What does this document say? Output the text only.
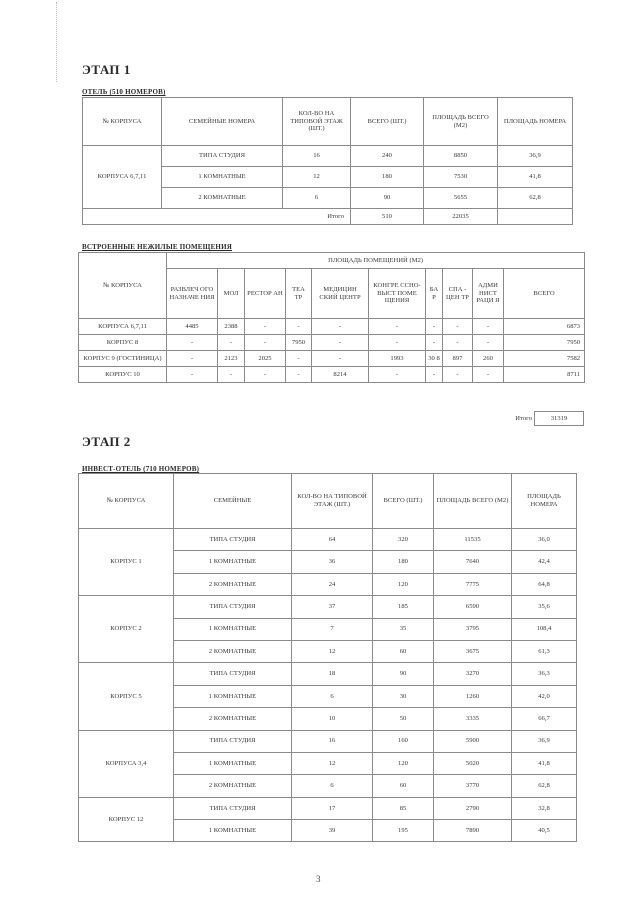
ЭТАП 1
ОТЕЛЬ (510 НОМЕРОВ)
№ КОРПУСА	СЕМЕЙНЫЕ НОМЕРА	КОЛ-ВО НА ТИПОВОЙ ЭТАЖ (ШТ.)	ВСЕГО (ШТ.)	ПЛОЩАДЬ ВСЕГО (М2)	ПЛОЩАДЬ НОМЕРА
КОРПУСА 6,7,11	ТИПА СТУДИЯ	16	240	8850	36,9
	1 КОМНАТНЫЕ	12	180	7530	41,8
	2 КОМНАТНЫЕ	6	90	5655	62,8
Итого			510	22035	
ВСТРОЕННЫЕ НЕЖИЛЫЕ ПОМЕЩЕНИЯ
№ КОРПУСА	ПЛОЩАДЬ ПОМЕЩЕНИЙ (М2)									
	РАЗВЛЕЧ ОГО НАЗНАЧЕ НИЯ	МОЛ	РЕСТОР АН	ТЕА ТР	МЕДИЦИН СКИЙ ЦЕНТР	КОНГРЕ ССНО-ВЫСТ ПОМЕ ЩЕНИЯ	БА Р	СПА - ЦЕН ТР	АДМИ НИСТ РАЦИ Я	ВСЕГО
КОРПУСА 6,7,11	4485	2388	-	-	-	-	-	-	-	6873
КОРПУС 8	-	-	-	7950	-	-	-	-	-	7950
КОРПУС 9 (ГОСТИНИЦА)	-	2123	2025	-	-	1993	30 8	897	260	7582
КОРПУС 10	-	-	-	-	8214	-	-	-	-	8711
Итого	31319
ЭТАП 2
ИНВЕСТ-ОТЕЛЬ (710 НОМЕРОВ)
№ КОРПУСА	СЕМЕЙНЫЕ	КОЛ-ВО НА ТИПОВОЙ ЭТАЖ (ШТ.)	ВСЕГО (ШТ.)	ПЛОЩАДЬ ВСЕГО (М2)	ПЛОЩАДЬ НОМЕРА
КОРПУС 1	ТИПА СТУДИЯ	64	320	11535	36,0
	1 КОМНАТНЫЕ	36	180	7640	42,4
	2 КОМНАТНЫЕ	24	120	7775	64,8
КОРПУС 2	ТИПА СТУДИЯ	37	185	6590	35,6
	1 КОМНАТНЫЕ	7	35	3795	108,4
	2 КОМНАТНЫЕ	12	60	3675	61,3
КОРПУС 5	ТИПА СТУДИЯ	18	90	3270	36,3
	1 КОМНАТНЫЕ	6	30	1260	42,0
	2 КОМНАТНЫЕ	10	50	3335	66,7
КОРПУСА 3,4	ТИПА СТУДИЯ	16	160	5900	36,9
	1 КОМНАТНЫЕ	12	120	5020	41,8
	2 КОМНАТНЫЕ	6	60	3770	62,8
КОРПУС 12	ТИПА СТУДИЯ	17	85	2790	32,8
	1 КОМНАТНЫЕ	39	195	7890	40,5
3
